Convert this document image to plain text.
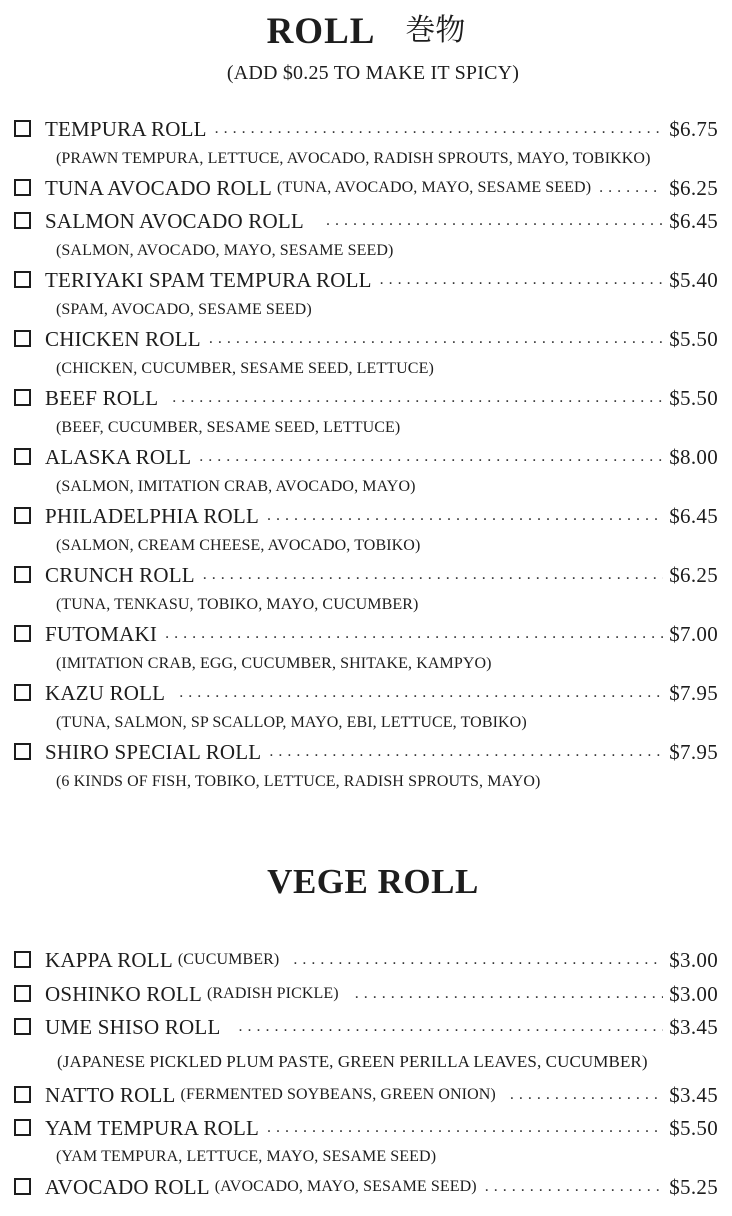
ROLL 巻物
(ADD $0.25 TO MAKE IT SPICY)
TEMPURA ROLL . . .	$6.75
(PRAWN TEMPURA, LETTUCE, AVOCADO, RADISH SPROUTS, MAYO, TOBIKKO)
TUNA AVOCADO ROLL (TUNA, AVOCADO, MAYO, SESAME SEED) . . .	$6.25
SALMON AVOCADO ROLL . . .	$6.45
(SALMON, AVOCADO, MAYO, SESAME SEED)
TERIYAKI SPAM TEMPURA ROLL . . .	$5.40
(SPAM, AVOCADO, SESAME SEED)
CHICKEN ROLL . . .	$5.50
(CHICKEN, CUCUMBER, SESAME SEED, LETTUCE)
BEEF ROLL . . .	$5.50
(BEEF, CUCUMBER, SESAME SEED, LETTUCE)
ALASKA ROLL . . .	$8.00
(SALMON, IMITATION CRAB, AVOCADO, MAYO)
PHILADELPHIA ROLL . . .	$6.45
(SALMON, CREAM CHEESE, AVOCADO, TOBIKO)
CRUNCH ROLL . . .	$6.25
(TUNA, TENKASU, TOBIKO, MAYO, CUCUMBER)
FUTOMAKI . . .	$7.00
(IMITATION CRAB, EGG, CUCUMBER, SHITAKE, KAMPYO)
KAZU ROLL . . .	$7.95
(TUNA, SALMON, SP SCALLOP, MAYO, EBI, LETTUCE, TOBIKO)
SHIRO SPECIAL ROLL . . .	$7.95
(6 KINDS OF FISH, TOBIKO, LETTUCE, RADISH SPROUTS, MAYO)
VEGE ROLL
KAPPA ROLL (CUCUMBER) . . .	$3.00
OSHINKO ROLL (RADISH PICKLE) . . .	$3.00
UME SHISO ROLL . . .	$3.45
(JAPANESE PICKLED PLUM PASTE, GREEN PERILLA LEAVES, CUCUMBER)
NATTO ROLL (FERMENTED SOYBEANS, GREEN ONION) . . .	$3.45
YAM TEMPURA ROLL . . .	$5.50
(YAM TEMPURA, LETTUCE, MAYO, SESAME SEED)
AVOCADO ROLL (AVOCADO, MAYO, SESAME SEED) . . .	$5.25
